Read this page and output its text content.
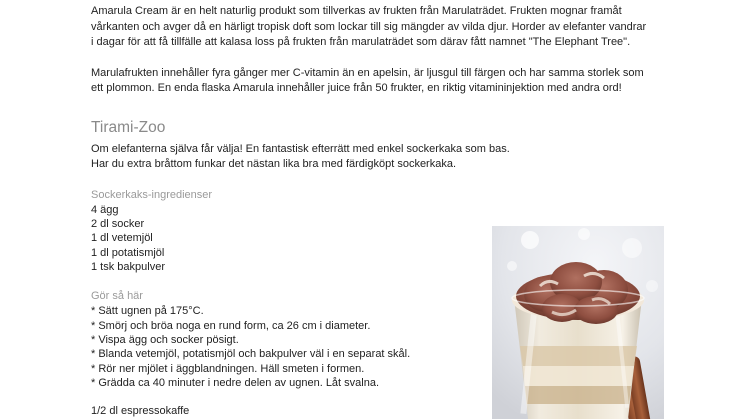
Amarula Cream är en helt naturlig produkt som tillverkas av frukten från Marulaträdet. Frukten mognar framåt
vårkanten och avger då en härligt tropisk doft som lockar till sig mängder av vilda djur. Horder av elefanter vandrar
i dagar för att få tillfälle att kalasa loss på frukten från marulaträdet som därav fått namnet "The Elephant Tree".

Marulafrukten innehåller fyra gånger mer C-vitamin än en apelsin, är ljusgul till färgen och har samma storlek som
ett plommon. En enda flaska Amarula innehåller juice från 50 frukter, en riktig vitamininjektion med andra ord!

Tirami-Zoo

Om elefanterna själva får välja! En fantastisk efterrätt med enkel sockerkaka som bas.
Har du extra bråttom funkar det nästan lika bra med färdigköpt sockerkaka.

Sockerkaks-ingredienser
4 ägg
2 dl socker
1 dl vetemjöl
1 dl potatismjöl
1 tsk bakpulver
Gör så här
* Sätt ugnen på 175°C.
* Smörj och bröa noga en rund form, ca 26 cm i diameter.
* Vispa ägg och socker pösigt.
* Blanda vetemjöl, potatismjöl och bakpulver väl i en separat skål.
* Rör ner mjölet i äggblandningen. Häll smeten i formen.
* Grädda ca 40 minuter i nedre delen av ugnen. Låt svalna.
1/2 dl espressokaffe
